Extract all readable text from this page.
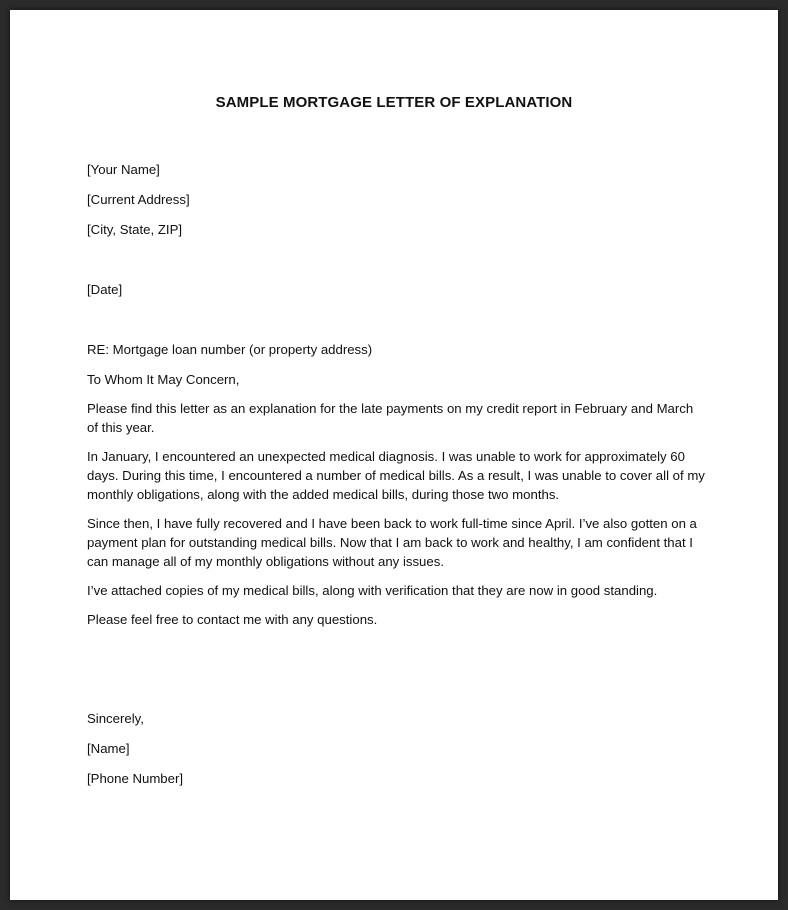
SAMPLE MORTGAGE LETTER OF EXPLANATION

[Your Name]

[Current Address]

[City, State, ZIP]

[Date]

RE: Mortgage loan number (or property address)

To Whom It May Concern,

Please find this letter as an explanation for the late payments on my credit report in February and March of this year.

In January, I encountered an unexpected medical diagnosis. I was unable to work for approximately 60 days. During this time, I encountered a number of medical bills. As a result, I was unable to cover all of my monthly obligations, along with the added medical bills, during those two months.

Since then, I have fully recovered and I have been back to work full-time since April. I’ve also gotten on a payment plan for outstanding medical bills. Now that I am back to work and healthy, I am confident that I can manage all of my monthly obligations without any issues.

I’ve attached copies of my medical bills, along with verification that they are now in good standing.

Please feel free to contact me with any questions.

Sincerely,

[Name]

[Phone Number]
